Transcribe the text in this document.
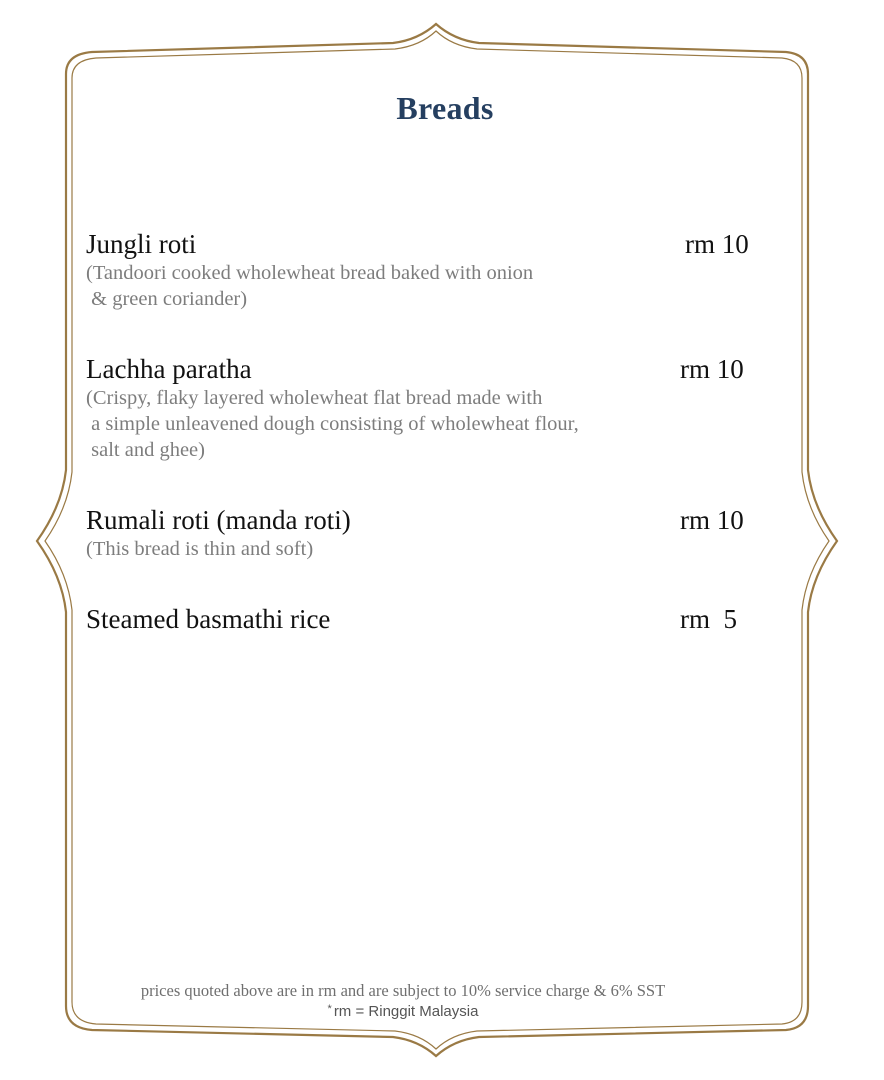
Breads
Jungli roti	rm 10
(Tandoori cooked wholewheat bread baked with onion
& green coriander)
Lachha paratha	rm 10
(Crispy, flaky layered wholewheat flat bread made with
a simple unleavened dough consisting of wholewheat flour,
salt and ghee)
Rumali roti (manda roti)	rm 10
(This bread is thin and soft)
Steamed basmathi rice	rm  5
prices quoted above are in rm and are subject to 10% service charge & 6% SST
* rm = Ringgit Malaysia
